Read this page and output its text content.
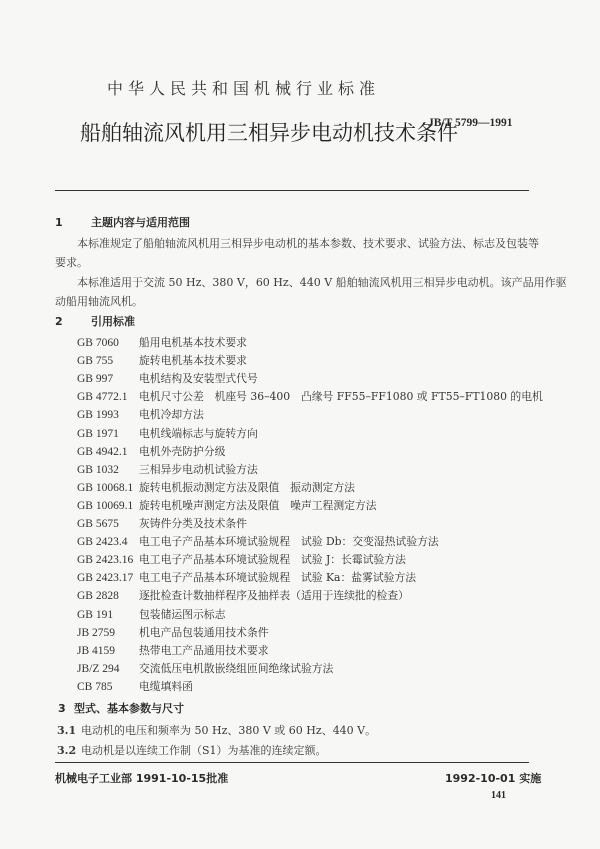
中华人民共和国机械行业标准
船舶轴流风机用三相异步电动机技术条件
JB/T 5799—1991
1	主题内容与适用范围
本标准规定了船舶轴流风机用三相异步电动机的基本参数、技术要求、试验方法、标志及包装等
要求。
本标准适用于交流 50 Hz、380 V，60 Hz、440 V 船舶轴流风机用三相异步电动机。该产品用作驱
动船用轴流风机。
2	引用标准
GB 7060 船用电机基本技术要求
GB 755 旋转电机基本技术要求
GB 997 电机结构及安装型式代号
GB 4772.1 电机尺寸公差　机座号 36–400　凸缘号 FF55–FF1080 或 FT55–FT1080 的电机
GB 1993 电机冷却方法
GB 1971 电机线端标志与旋转方向
GB 4942.1 电机外壳防护分级
GB 1032 三相异步电动机试验方法
GB 10068.1 旋转电机振动测定方法及限值　振动测定方法
GB 10069.1 旋转电机噪声测定方法及限值　噪声工程测定方法
GB 5675 灰铸件分类及技术条件
GB 2423.4 电工电子产品基本环境试验规程　试验 Db：交变湿热试验方法
GB 2423.16 电工电子产品基本环境试验规程　试验 J：长霉试验方法
GB 2423.17 电工电子产品基本环境试验规程　试验 Ka：盐雾试验方法
GB 2828 逐批检查计数抽样程序及抽样表（适用于连续批的检查）
GB 191 包装储运图示标志
JB 2759 机电产品包装通用技术条件
JB 4159 热带电工产品通用技术要求
JB/Z 294 交流低压电机散嵌绕组匝间绝缘试验方法
CB 785 电缆填料函
3 型式、基本参数与尺寸
3.1 电动机的电压和频率为 50 Hz、380 V 或 60 Hz、440 V。
3.2 电动机是以连续工作制（S1）为基准的连续定额。
机械电子工业部 1991-10-15批准	1992-10-01 实施
141
